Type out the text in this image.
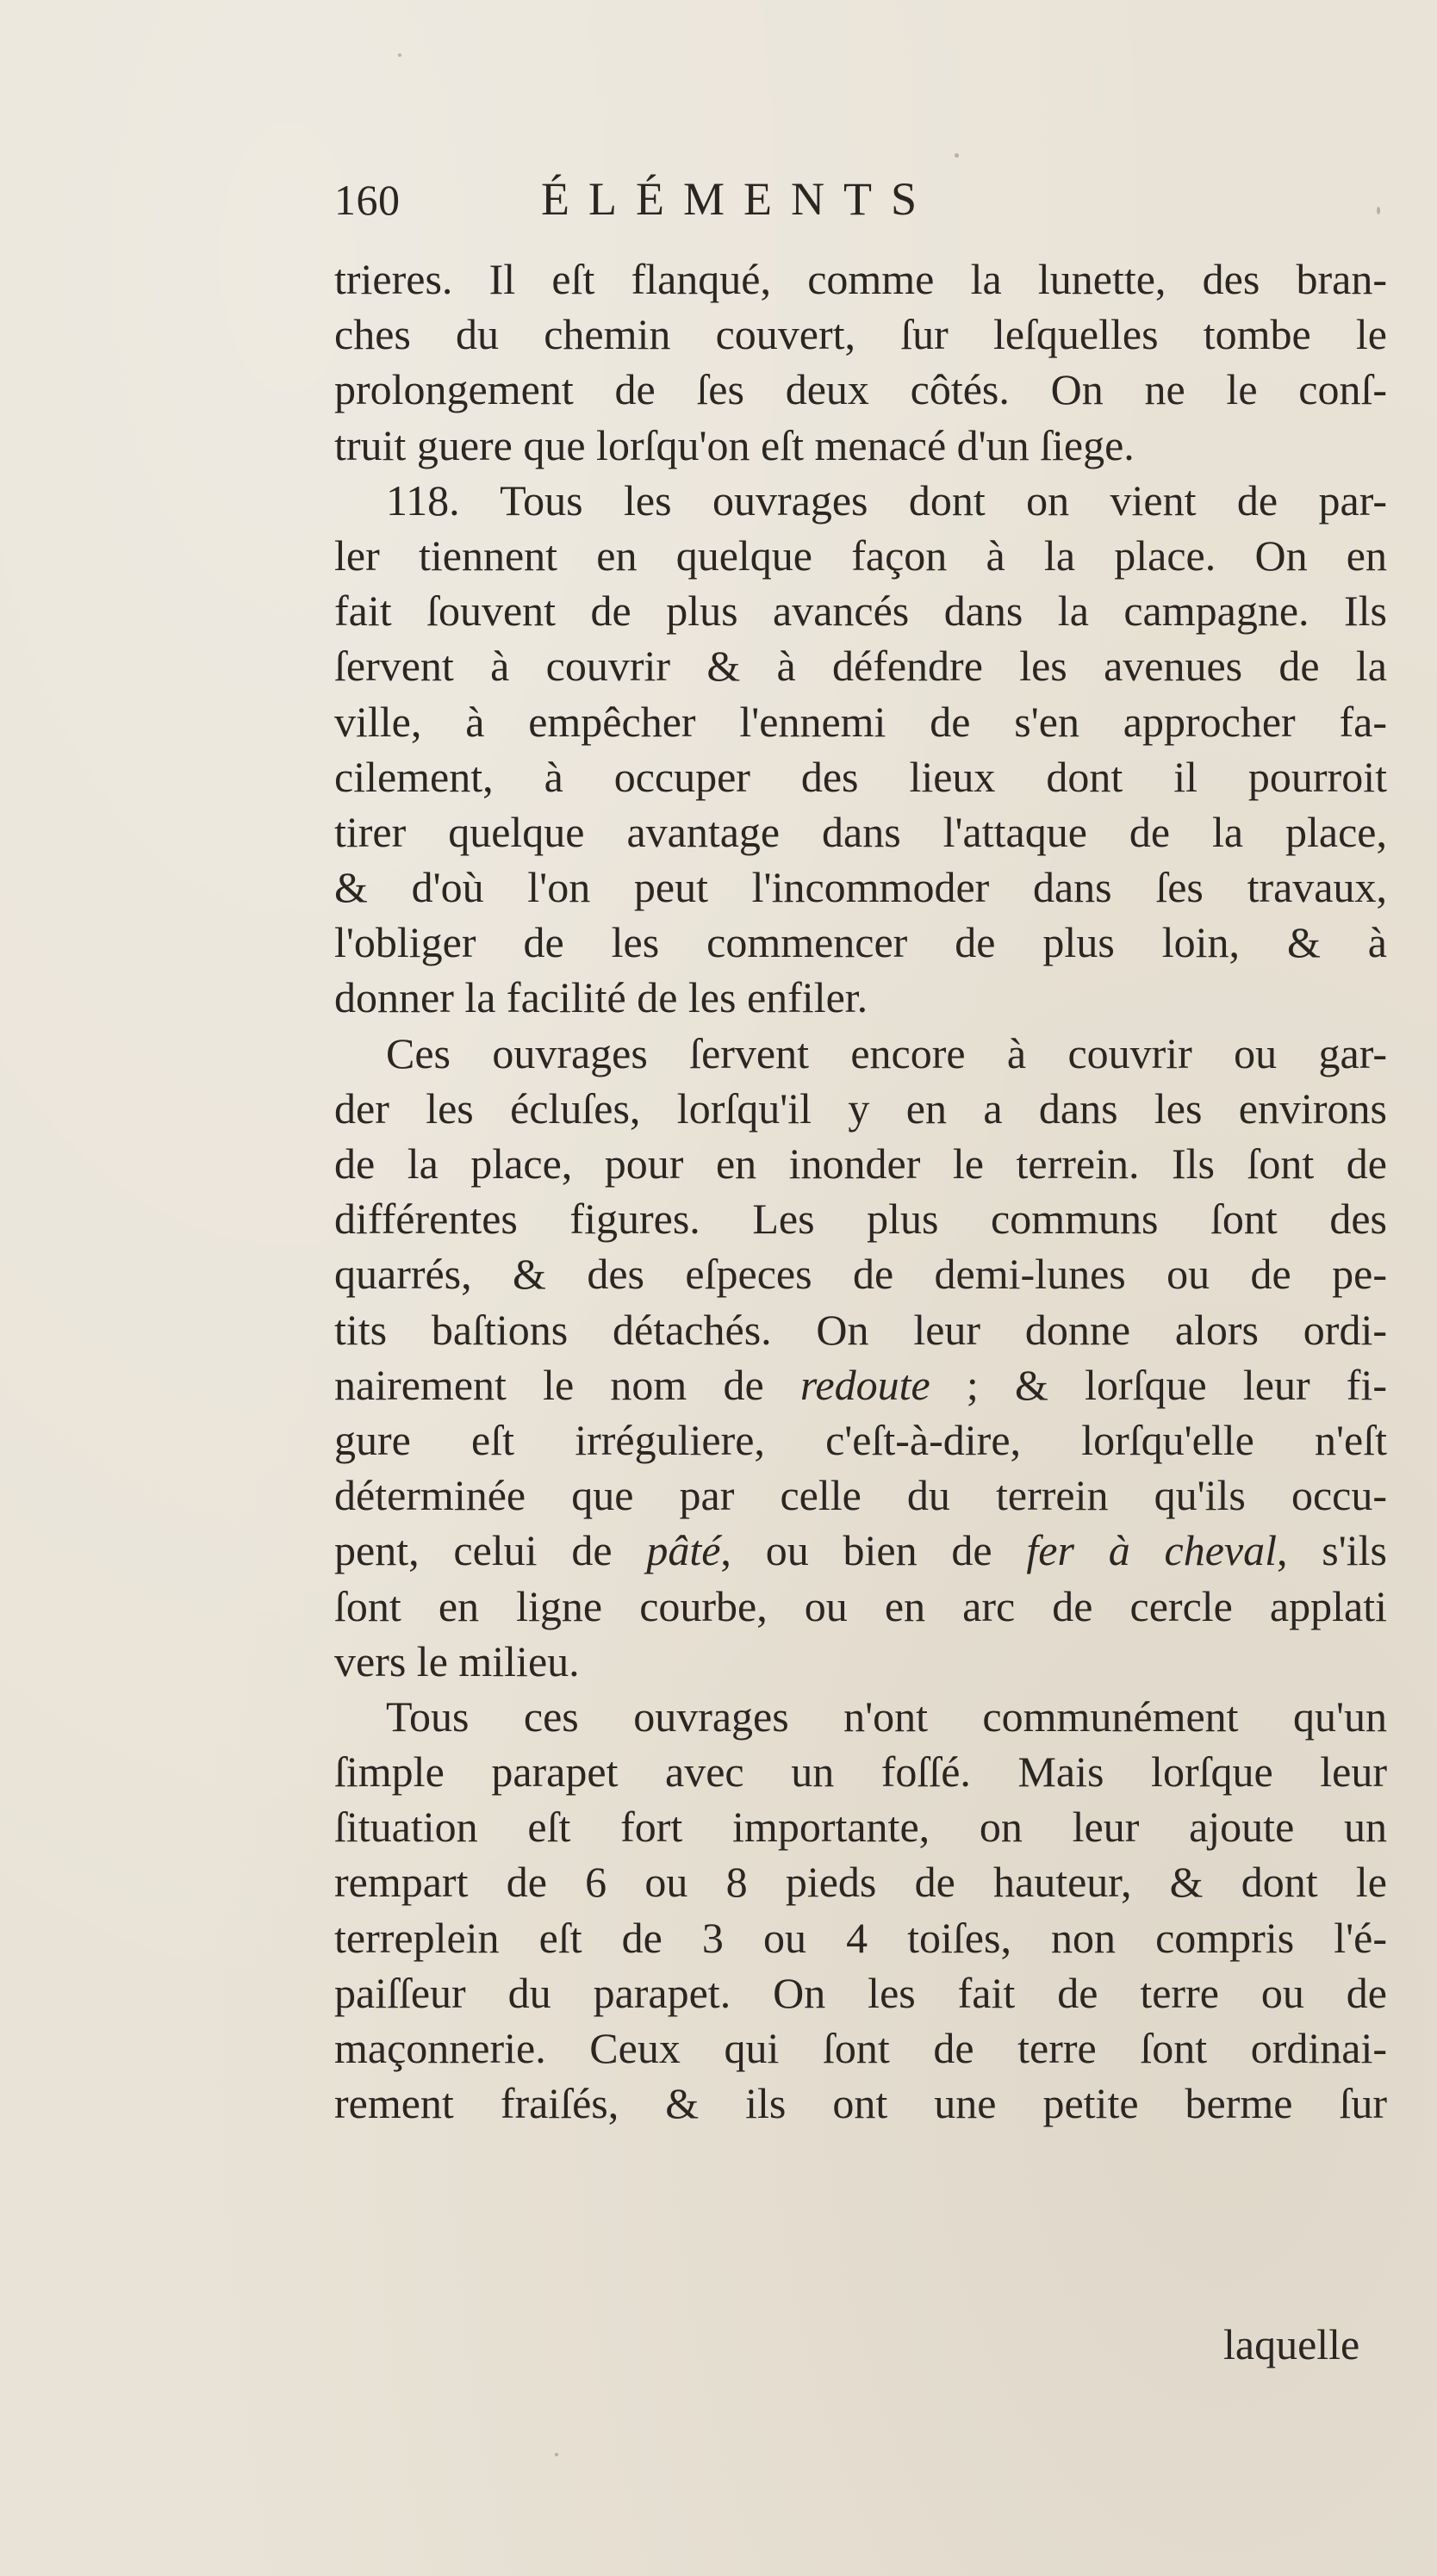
160	ÉLÉMENTS
trieres. Il eſt flanqué, comme la lunette, des bran-
ches du chemin couvert, ſur leſquelles tombe le
prolongement de ſes deux côtés. On ne le conſ-
truit guere que lorſqu'on eſt menacé d'un ſiege.
118. Tous les ouvrages dont on vient de par-
ler tiennent en quelque façon à la place. On en
fait ſouvent de plus avancés dans la campagne. Ils
ſervent à couvrir & à défendre les avenues de la
ville, à empêcher l'ennemi de s'en approcher fa-
cilement, à occuper des lieux dont il pourroit
tirer quelque avantage dans l'attaque de la place,
& d'où l'on peut l'incommoder dans ſes travaux,
l'obliger de les commencer de plus loin, & à
donner la facilité de les enfiler.
Ces ouvrages ſervent encore à couvrir ou gar-
der les écluſes, lorſqu'il y en a dans les environs
de la place, pour en inonder le terrein. Ils ſont de
différentes figures. Les plus communs ſont des
quarrés, & des eſpeces de demi-lunes ou de pe-
tits baſtions détachés. On leur donne alors ordi-
nairement le nom de redoute ; & lorſque leur fi-
gure eſt irréguliere, c'eſt-à-dire, lorſqu'elle n'eſt
déterminée que par celle du terrein qu'ils occu-
pent, celui de pâté, ou bien de fer à cheval, s'ils
ſont en ligne courbe, ou en arc de cercle applati
vers le milieu.
Tous ces ouvrages n'ont communément qu'un
ſimple parapet avec un foſſé. Mais lorſque leur
ſituation eſt fort importante, on leur ajoute un
rempart de 6 ou 8 pieds de hauteur, & dont le
terreplein eſt de 3 ou 4 toiſes, non compris l'é-
paiſſeur du parapet. On les fait de terre ou de
maçonnerie. Ceux qui ſont de terre ſont ordinai-
rement fraiſés, & ils ont une petite berme ſur
laquelle
